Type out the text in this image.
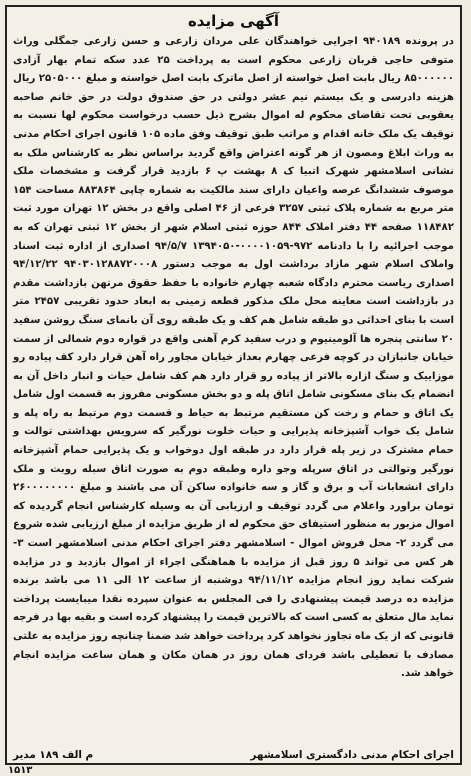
آگهی مزایده
در پرونده ۹۴۰۱۸۹ اجرایی خواهندگان علی مردان زارعی و حسن زارعی جمگلی وراث متوفی حاجی قربان زارعی محکوم است به پرداخت ۲۵ عدد سکه تمام بهار آزادی ۸۵۰۰۰۰۰۰ ریال بابت اصل خواسته از اصل ماترک بابت اصل خواسته و مبلغ ۲۵۰۵۰۰۰ ریال هزینه دادرسی و یک بیستم نیم عشر دولتی در حق صندوق دولت در حق خانم صاحبه یعقوبی تحت تقاضای محکوم له اموال بشرح ذیل حسب درخواست محکوم لها نسبت به توقیف یک ملک خانه اقدام و مراتب طبق توقیف وفق ماده ۱۰۵ قانون اجرای احکام مدنی به وراث ابلاغ ومصون از هر گونه اعتراض واقع گردید براساس نظر به کارشناس ملک به نشانی اسلامشهر شهرک اتبیا ک ۸ بهشت پ ۶ بازدید قرار گرفت و مشخصات ملک موصوف ششدانگ عرصه واعیان دارای سند مالکیت به شماره چاپی ۸۸۳۸۶۴ مساحت ۱۵۴ متر مربع به شماره پلاک ثبتی ۳۲۵۷ فرعی از ۴۶ اصلی واقع در بخش ۱۲ تهران مورد ثبت ۱۱۸۴۸۲ صفحه ۴۴ دفتر املاک ۸۴۴ حوزه ثبتی اسلام شهر از بخش ۱۲ ثبتی تهران که به موجب اجرائیه را با دادنامه ۹۷۲-۰۰۰۰۱۰۵۹-۱۳۹۴۰۵۰ ۹۴/۵/۷ اصداری از اداره ثبت اسناد واملاک اسلام شهر مازاد برداشت اول به موجب دستور ۹۴۰۳۰۱۲۸۸۷۲۰۰۰۸ ۹۴/۱۲/۲۲ اصداری ریاست محترم دادگاه شعبه چهارم خانواده با حفظ حقوق مرتهن بازداشت مقدم در بازداشت است معاینه محل ملک مذکور قطعه زمینی به ابعاد حدود تقریبی ۲۴۵۷ متر است با بنای احداثی دو طبقه شامل هم کف و یک طبقه روی آن بانمای سنگ روشن سفید ۲۰ سانتی پنجره ها آلومینیوم و درب سفید کرم آهنی واقع در قواره دوم شمالی از سمت خیابان جانبازان در کوچه فرعی چهارم بعداز خیابان مجاور راه آهن قرار دارد کف پیاده رو موزاییک و سنگ ازاره بالاتر از پیاده رو قرار دارد هم کف شامل حیات و انبار داخل آن به انضمام یک بنای مسکونی شامل اتاق پله و دو بخش مسکونی مفروز به قسمت اول شامل یک اتاق و حمام و رخت کن مستقیم مرتبط به حیاط و قسمت دوم مرتبط به راه پله و شامل یک خواب آشپزخانه پذیرایی و حیات خلوت نورگیر که سرویس بهداشتی توالت و حمام مشترک در زیر پله قرار دارد در طبقه اول دوخواب و یک پذیرایی حمام آشپزخانه نورگیر وتوالتی در اتاق سرپله وجو داره وطبقه دوم به صورت اتاق سبله روبت و ملک دارای انشعابات آب و برق و گاز و سه خانواده ساکن آن می باشند و مبلغ ۲۶۰۰۰۰۰۰۰۰ تومان براورد واعلام می گردد توقیف و ارزیابی آن به وسیله کارشناس انجام گردیده که اموال مزبور به منظور استیفای حق محکوم له از طریق مزایده از مبلغ ارزیابی شده شروع می گردد ۲- محل فروش اموال - اسلامشهر دفتر اجرای احکام مدنی اسلامشهر است ۳- هر کس می تواند ۵ روز قبل از مزایده با هماهنگی اجراء از اموال بازدید و در مزایده شرکت نماید روز انجام مزایده ۹۴/۱۱/۱۲ دوشنبه از ساعت ۱۲ الی ۱۱ می باشد برنده مزایده ده درصد قیمت پیشنهادی را فی المجلس به عنوان سپرده نقدا میبایست پرداخت نماید مال متعلق به کسی است که بالاترین قیمت را پیشنهاد کرده است و بقیه بها در فرجه قانونی که از یک ماه تجاوز نخواهد کرد پرداخت خواهد شد ضمنا چنانچه روز مزایده به علتی مصادف با تعطیلی باشد فردای همان روز در همان مکان و همان ساعت مزایده انجام خواهد شد.
اجرای احکام مدنی دادگستری اسلامشهر
م الف ۱۸۹ مدیر
۱۵۱۳
